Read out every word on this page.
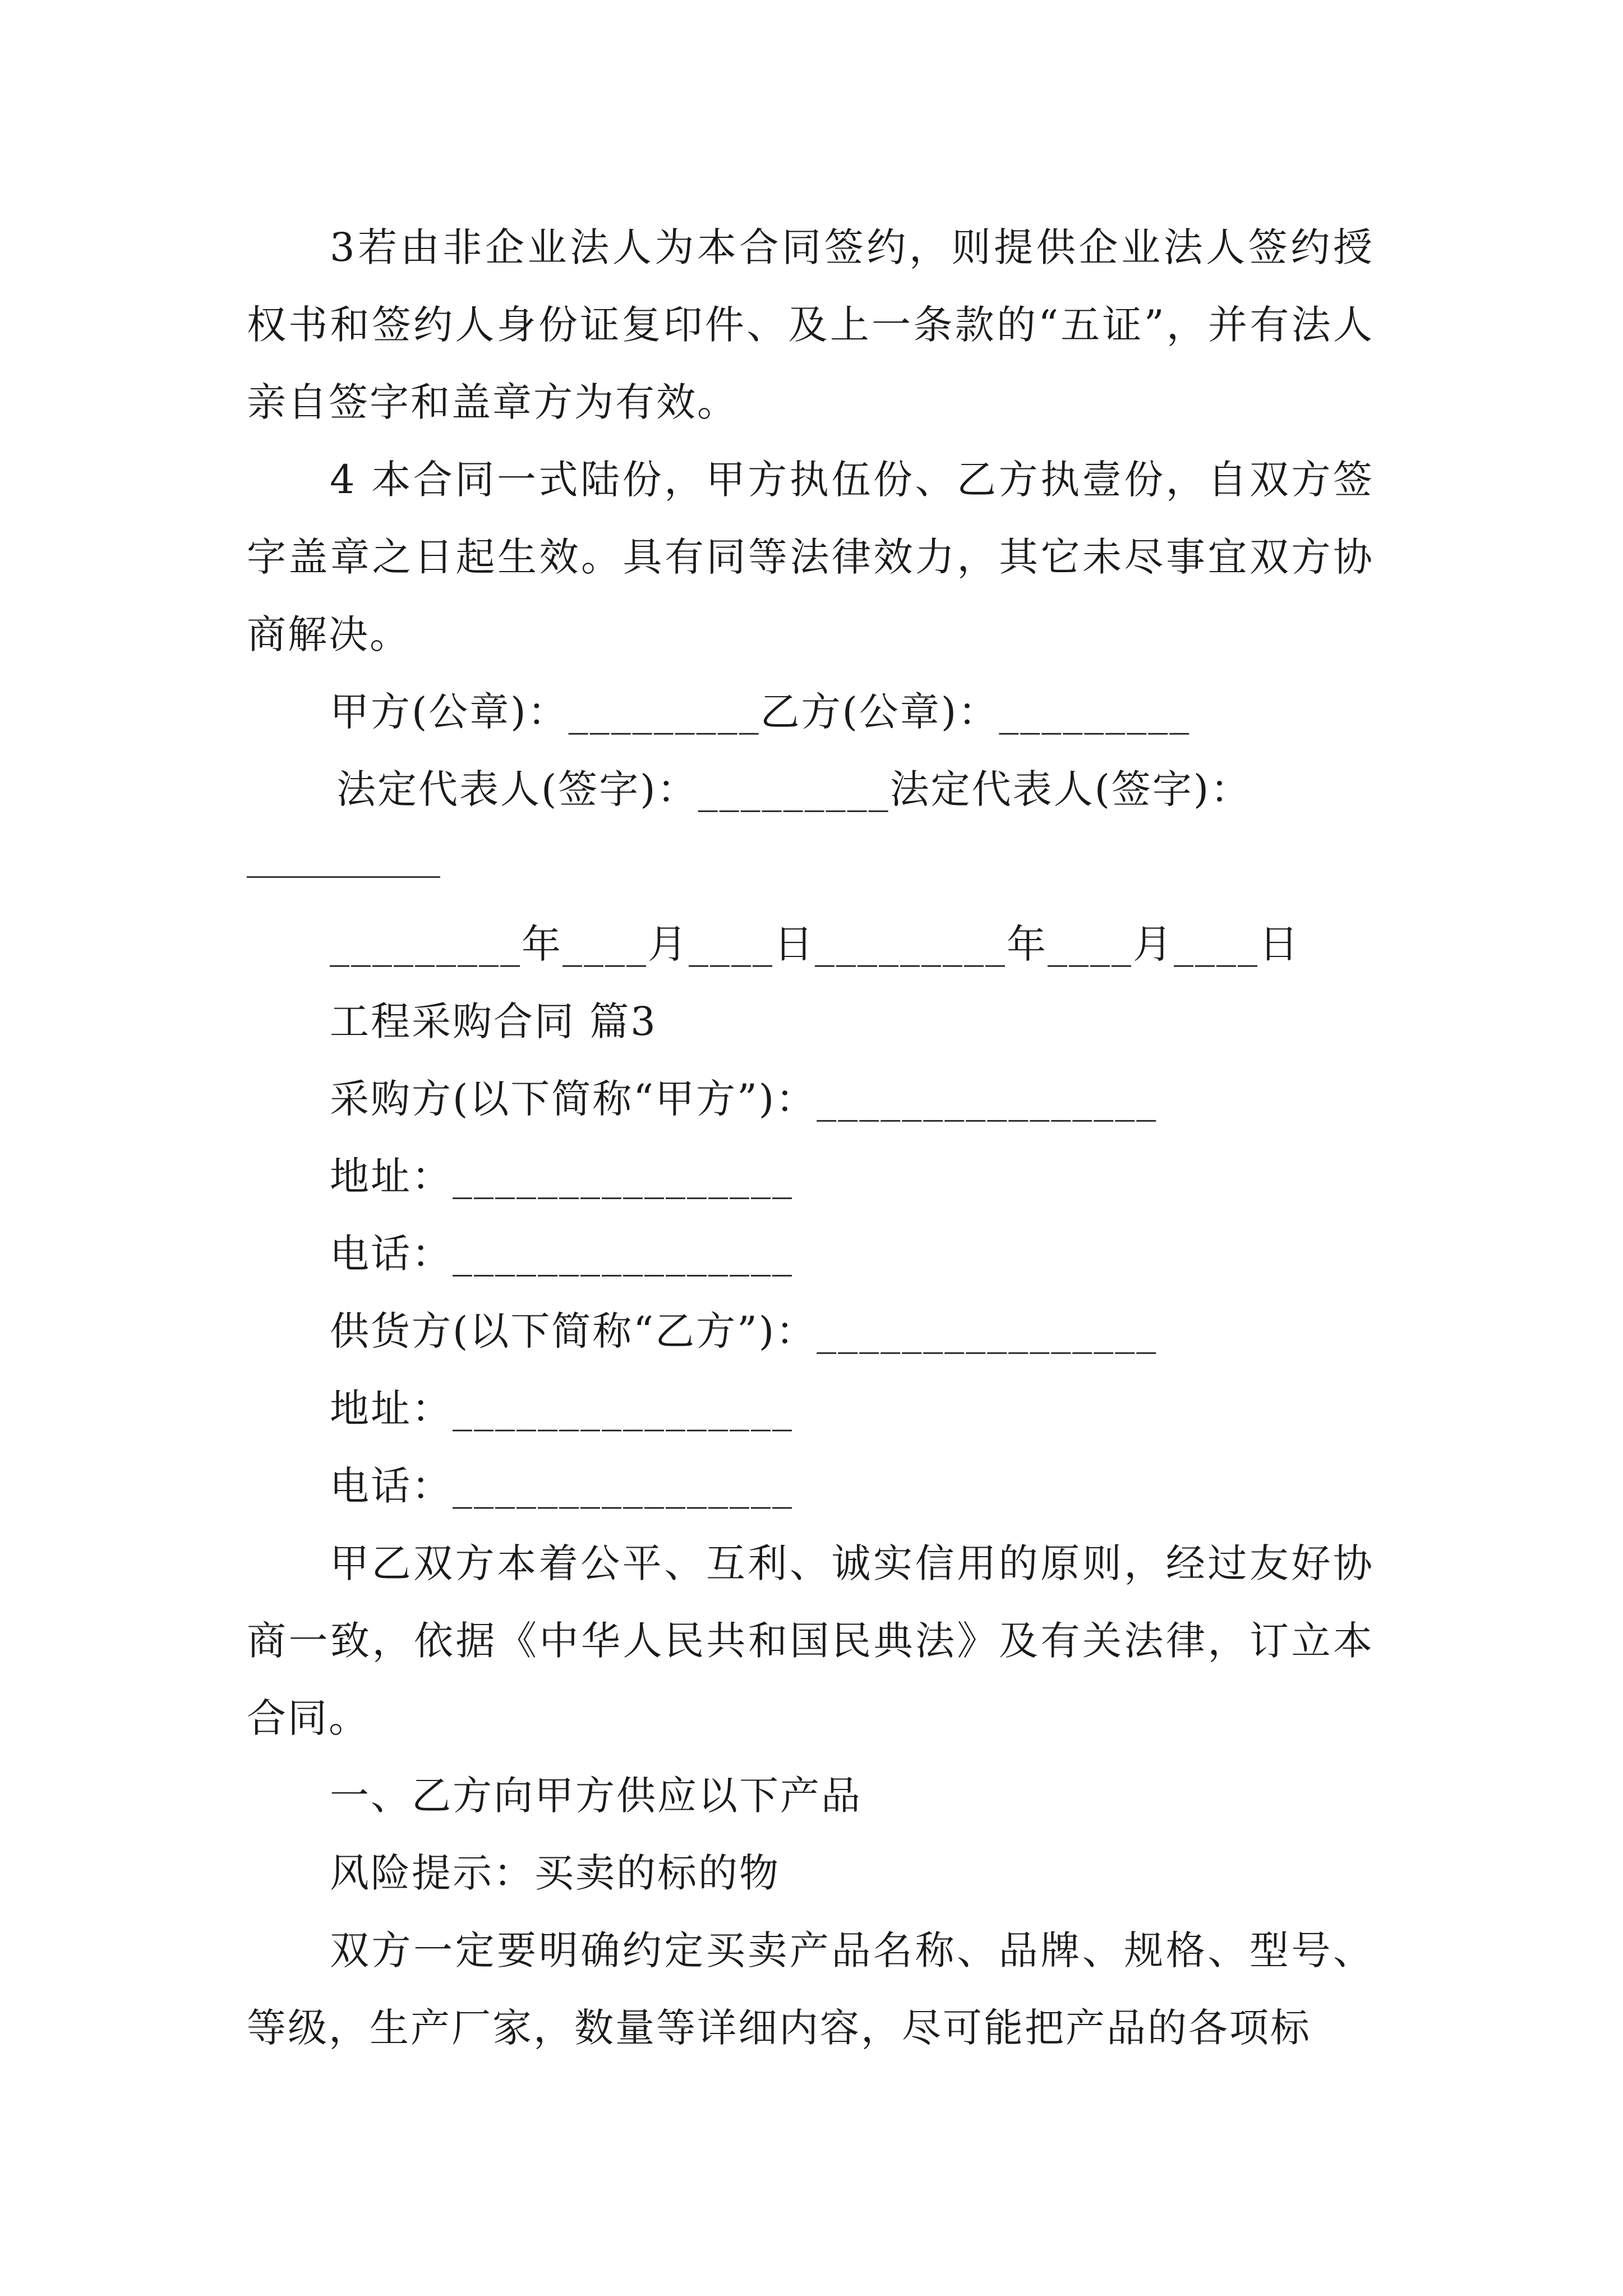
3若由非企业法人为本合同签约，则提供企业法人签约授权书和签约人身份证复印件、及上一条款的“五证”，并有法人亲自签字和盖章方为有效。

4 本合同一式陆份，甲方执伍份、乙方执壹份，自双方签字盖章之日起生效。具有同等法律效力，其它未尽事宜双方协商解决。

甲方(公章)：_________乙方(公章)：_________
法定代表人(签字)：_________法定代表人(签字)：
_________年____月____日_________年____月____日
工程采购合同 篇3
采购方(以下简称“甲方”)：________________
地址：________________
电话：________________
供货方(以下简称“乙方”)：________________
地址：________________
电话：________________

甲乙双方本着公平、互利、诚实信用的原则，经过友好协商一致，依据《中华人民共和国民典法》及有关法律，订立本合同。

一、乙方向甲方供应以下产品
风险提示：买卖的标的物

双方一定要明确约定买卖产品名称、品牌、规格、型号、等级，生产厂家，数量等详细内容，尽可能把产品的各项标
